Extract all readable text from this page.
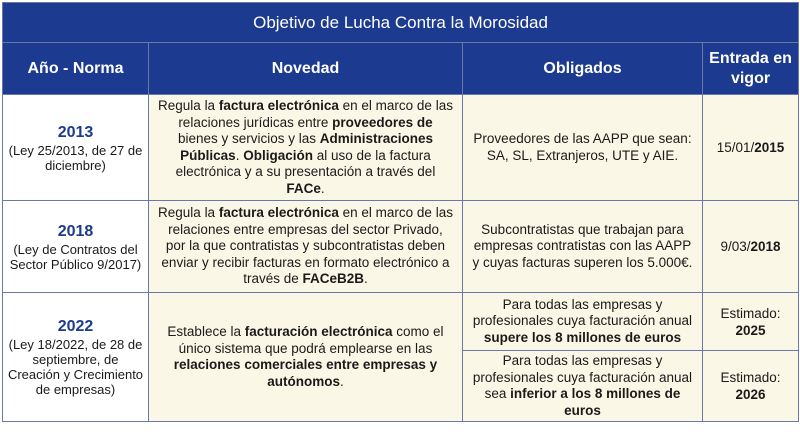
Objetivo de Lucha Contra la Morosidad			
Año - Norma	Novedad	Obligados	Entrada en
vigor

2013
(Ley 25/2013, de 27 de diciembre)	Regula la factura electrónica en el marco de las relaciones jurídicas entre proveedores de bienes y servicios y las Administraciones Públicas. Obligación al uso de la factura electrónica y a su presentación a través del FACe.	Proveedores de las AAPP que sean: SA, SL, Extranjeros, UTE y AIE.	15/01/2015

2018
(Ley de Contratos del Sector Público 9/2017)	Regula la factura electrónica en el marco de las relaciones entre empresas del sector Privado, por la que contratistas y subcontratistas deben enviar y recibir facturas en formato electrónico a través de FACeB2B.	Subcontratistas que trabajan para empresas contratistas con las AAPP y cuyas facturas superen los 5.000€.	9/03/2018

2022
(Ley 18/2022, de 28 de septiembre, de Creación y Crecimiento de empresas)	Establece la facturación electrónica como el único sistema que podrá emplearse en las relaciones comerciales entre empresas y autónomos.	Para todas las empresas y profesionales cuya facturación anual supere los 8 millones de euros	Estimado: 2025
		Para todas las empresas y profesionales cuya facturación anual sea inferior a los 8 millones de euros	Estimado: 2026
